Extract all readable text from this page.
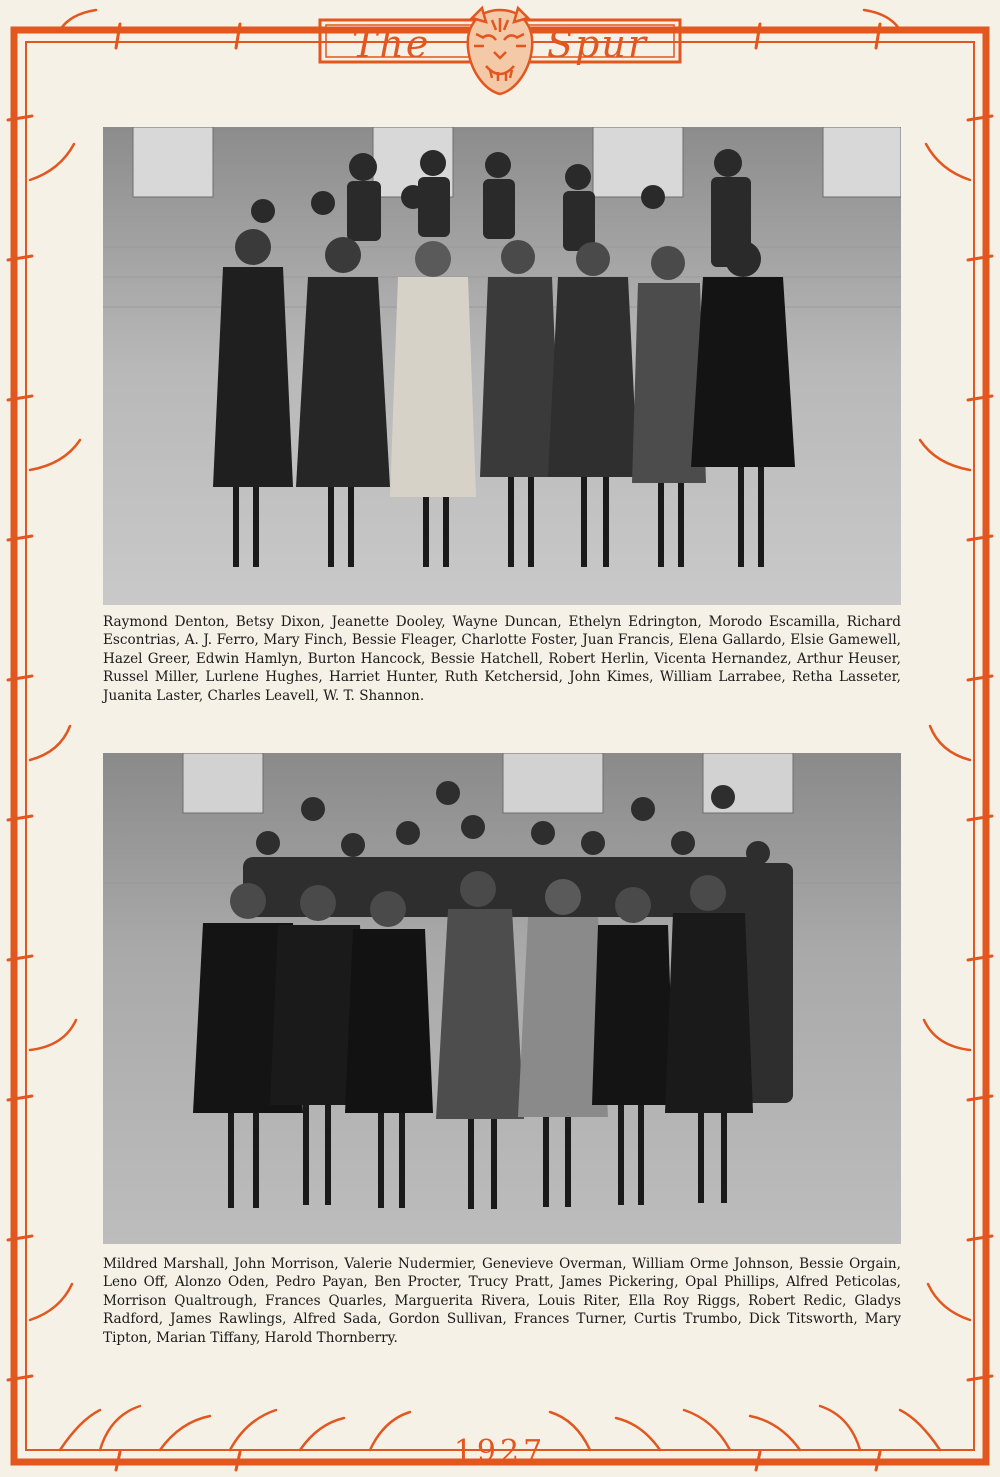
The	Spur

Raymond Denton, Betsy Dixon, Jeanette Dooley, Wayne Duncan, Ethelyn Edrington, Morodo Escamilla, Richard Escontrias, A. J. Ferro, Mary Finch, Bessie Fleager, Charlotte Foster, Juan Francis, Elena Gallardo, Elsie Gamewell, Hazel Greer, Edwin Hamlyn, Burton Hancock, Bessie Hatchell, Robert Herlin, Vicenta Hernandez, Arthur Heuser, Russel Miller, Lurlene Hughes, Harriet Hunter, Ruth Ketchersid, John Kimes, William Larrabee, Retha Lasseter, Juanita Laster, Charles Leavell, W. T. Shannon.

Mildred Marshall, John Morrison, Valerie Nudermier, Genevieve Overman, William Orme Johnson, Bessie Orgain, Leno Off, Alonzo Oden, Pedro Payan, Ben Procter, Trucy Pratt, James Pickering, Opal Phillips, Alfred Peticolas, Morrison Qualtrough, Frances Quarles, Marguerita Rivera, Louis Riter, Ella Roy Riggs, Robert Redic, Gladys Radford, James Rawlings, Alfred Sada, Gordon Sullivan, Frances Turner, Curtis Trumbo, Dick Titsworth, Mary Tipton, Marian Tiffany, Harold Thornberry.

1927
